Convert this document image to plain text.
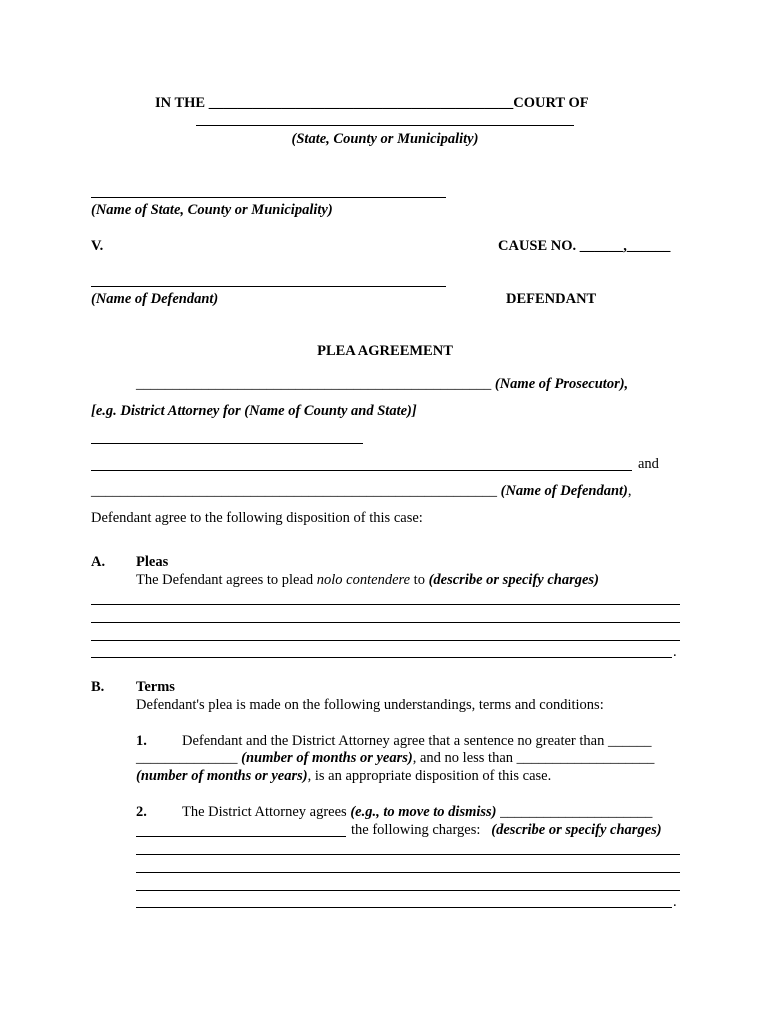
IN THE __________________________________________COURT OF
(State, County or Municipality)
(Name of State, County or Municipality)
V.	CAUSE NO. ______,______
(Name of Defendant)	DEFENDANT
PLEA AGREEMENT
_________________________________________________ (Name of Prosecutor),
[e.g. District Attorney for (Name of County and State)]
and
________________________________________________________ (Name of Defendant),
Defendant agree to the following disposition of this case:
A. Pleas
The Defendant agrees to plead nolo contendere to (describe or specify charges)
.
B. Terms
Defendant's plea is made on the following understandings, terms and conditions:
1. Defendant and the District Attorney agree that a sentence no greater than ______
______________ (number of months or years), and no less than ___________________
(number of months or years), is an appropriate disposition of this case.
2. The District Attorney agrees (e.g., to move to dismiss) _____________________
the following charges: (describe or specify charges)
.
